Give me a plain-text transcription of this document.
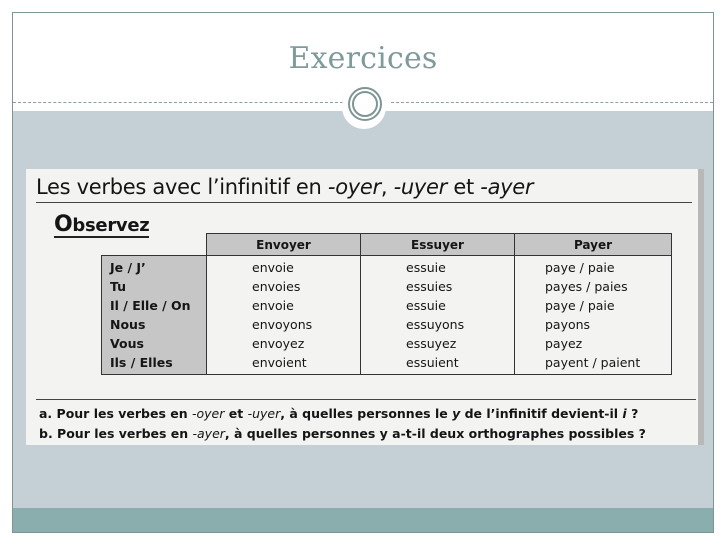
Exercices
Les verbes avec l’infinitif en -oyer, -uyer et -ayer
Observez
	Envoyer	Essuyer	Payer
Je / J’	envoie	essuie	paye / paie
Tu	envoies	essuies	payes / paies
Il / Elle / On	envoie	essuie	paye / paie
Nous	envoyons	essuyons	payons
Vous	envoyez	essuyez	payez
Ils / Elles	envoient	essuient	payent / paient
a. Pour les verbes en -oyer et -uyer, à quelles personnes le y de l’infinitif devient-il i ?
b. Pour les verbes en -ayer, à quelles personnes y a-t-il deux orthographes possibles ?
